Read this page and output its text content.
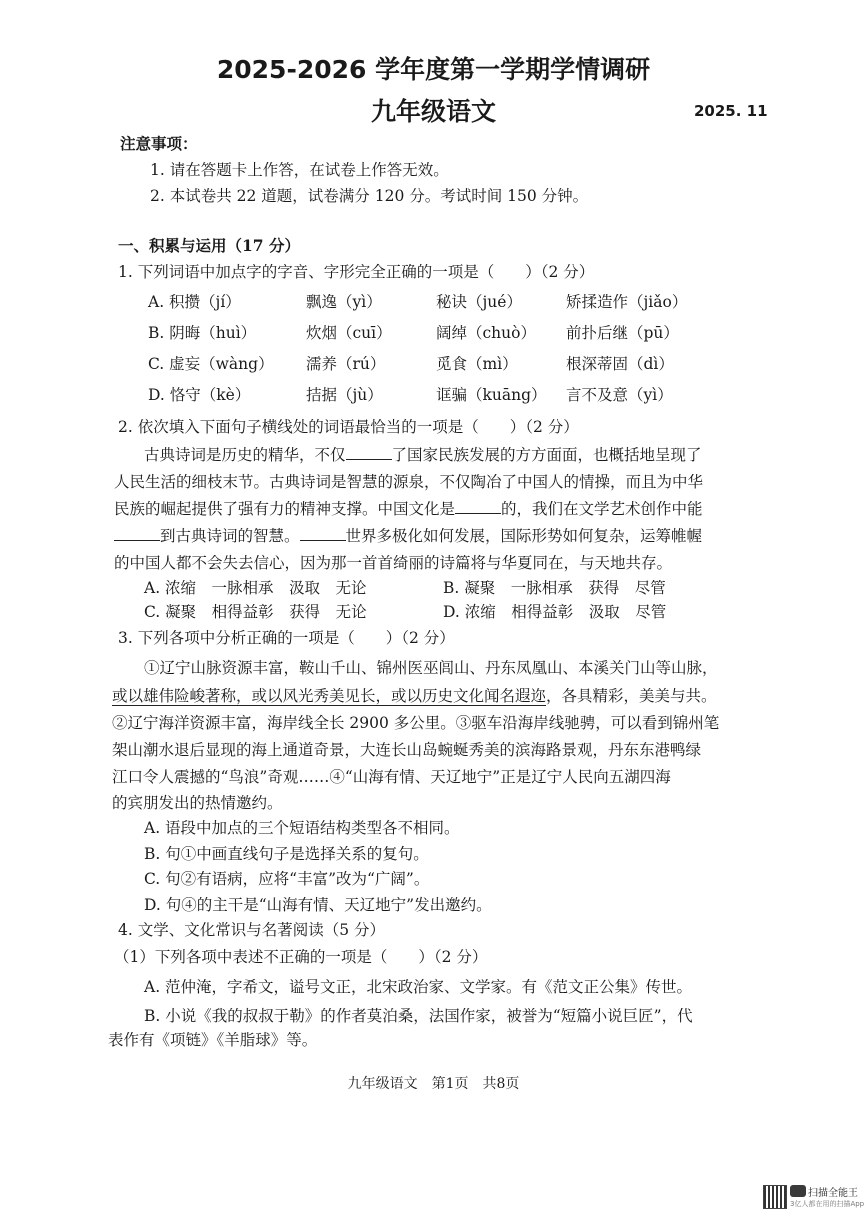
2025-2026 学年度第一学期学情调研
九年级语文	2025. 11
注意事项：
1. 请在答题卡上作答，在试卷上作答无效。
2. 本试卷共 22 道题，试卷满分 120 分。考试时间 150 分钟。
一、积累与运用（17 分）
1. 下列词语中加点字的字音、字形完全正确的一项是（　　）（2 分）
A. 积攒（jí）	飘逸（yì）	秘诀（jué）	矫揉造作（jiǎo）
B. 阴晦（huì）	炊烟（cuī）	阔绰（chuò） 前扑后继（pū）
C. 虚妄（wàng） 濡养（rú）	觅食（mì）	根深蒂固（dì）
D. 恪守（kè）	拮据（jù）	诓骗（kuāng） 言不及意（yì）
2. 依次填入下面句子横线处的词语最恰当的一项是（　　）（2 分）
古典诗词是历史的精华，不仅	了国家民族发展的方方面面，也概括地呈现了
人民生活的细枝末节。古典诗词是智慧的源泉，不仅陶冶了中国人的情操，而且为中华
民族的崛起提供了强有力的精神支撑。中国文化是	的，我们在文学艺术创作中能
到古典诗词的智慧。	世界多极化如何发展，国际形势如何复杂，运筹帷幄
的中国人都不会失去信心，因为那一首首绮丽的诗篇将与华夏同在，与天地共存。
A. 浓缩　一脉相承　汲取　无论	B. 凝聚　一脉相承　获得　尽管
C. 凝聚　相得益彰　获得　无论	D. 浓缩　相得益彰　汲取　尽管
3. 下列各项中分析正确的一项是（　　）（2 分）
①辽宁山脉资源丰富，鞍山千山、锦州医巫闾山、丹东凤凰山、本溪关门山等山脉，
或以雄伟险峻著称，或以风光秀美见长，或以历史文化闻名遐迩，各具精彩，美美与共。
②辽宁海洋资源丰富，海岸线全长 2900 多公里。③驱车沿海岸线驰骋，可以看到锦州笔
架山潮水退后显现的海上通道奇景，大连长山岛蜿蜒秀美的滨海路景观，丹东东港鸭绿
江口令人震撼的“鸟浪”奇观……④“山海有情、天辽地宁”正是辽宁人民向五湖四海
的宾朋发出的热情邀约。
A. 语段中加点的三个短语结构类型各不相同。
B. 句①中画直线句子是选择关系的复句。
C. 句②有语病，应将“丰富”改为“广阔”。
D. 句④的主干是“山海有情、天辽地宁”发出邀约。
4. 文学、文化常识与名著阅读（5 分）
（1）下列各项中表述不正确的一项是（　　）（2 分）
A. 范仲淹，字希文，谥号文正，北宋政治家、文学家。有《范文正公集》传世。
B. 小说《我的叔叔于勒》的作者莫泊桑，法国作家，被誉为“短篇小说巨匠”，代
表作有《项链》《羊脂球》等。
九年级语文　第1页　共8页
扫描全能王
3亿人都在用的扫描App
